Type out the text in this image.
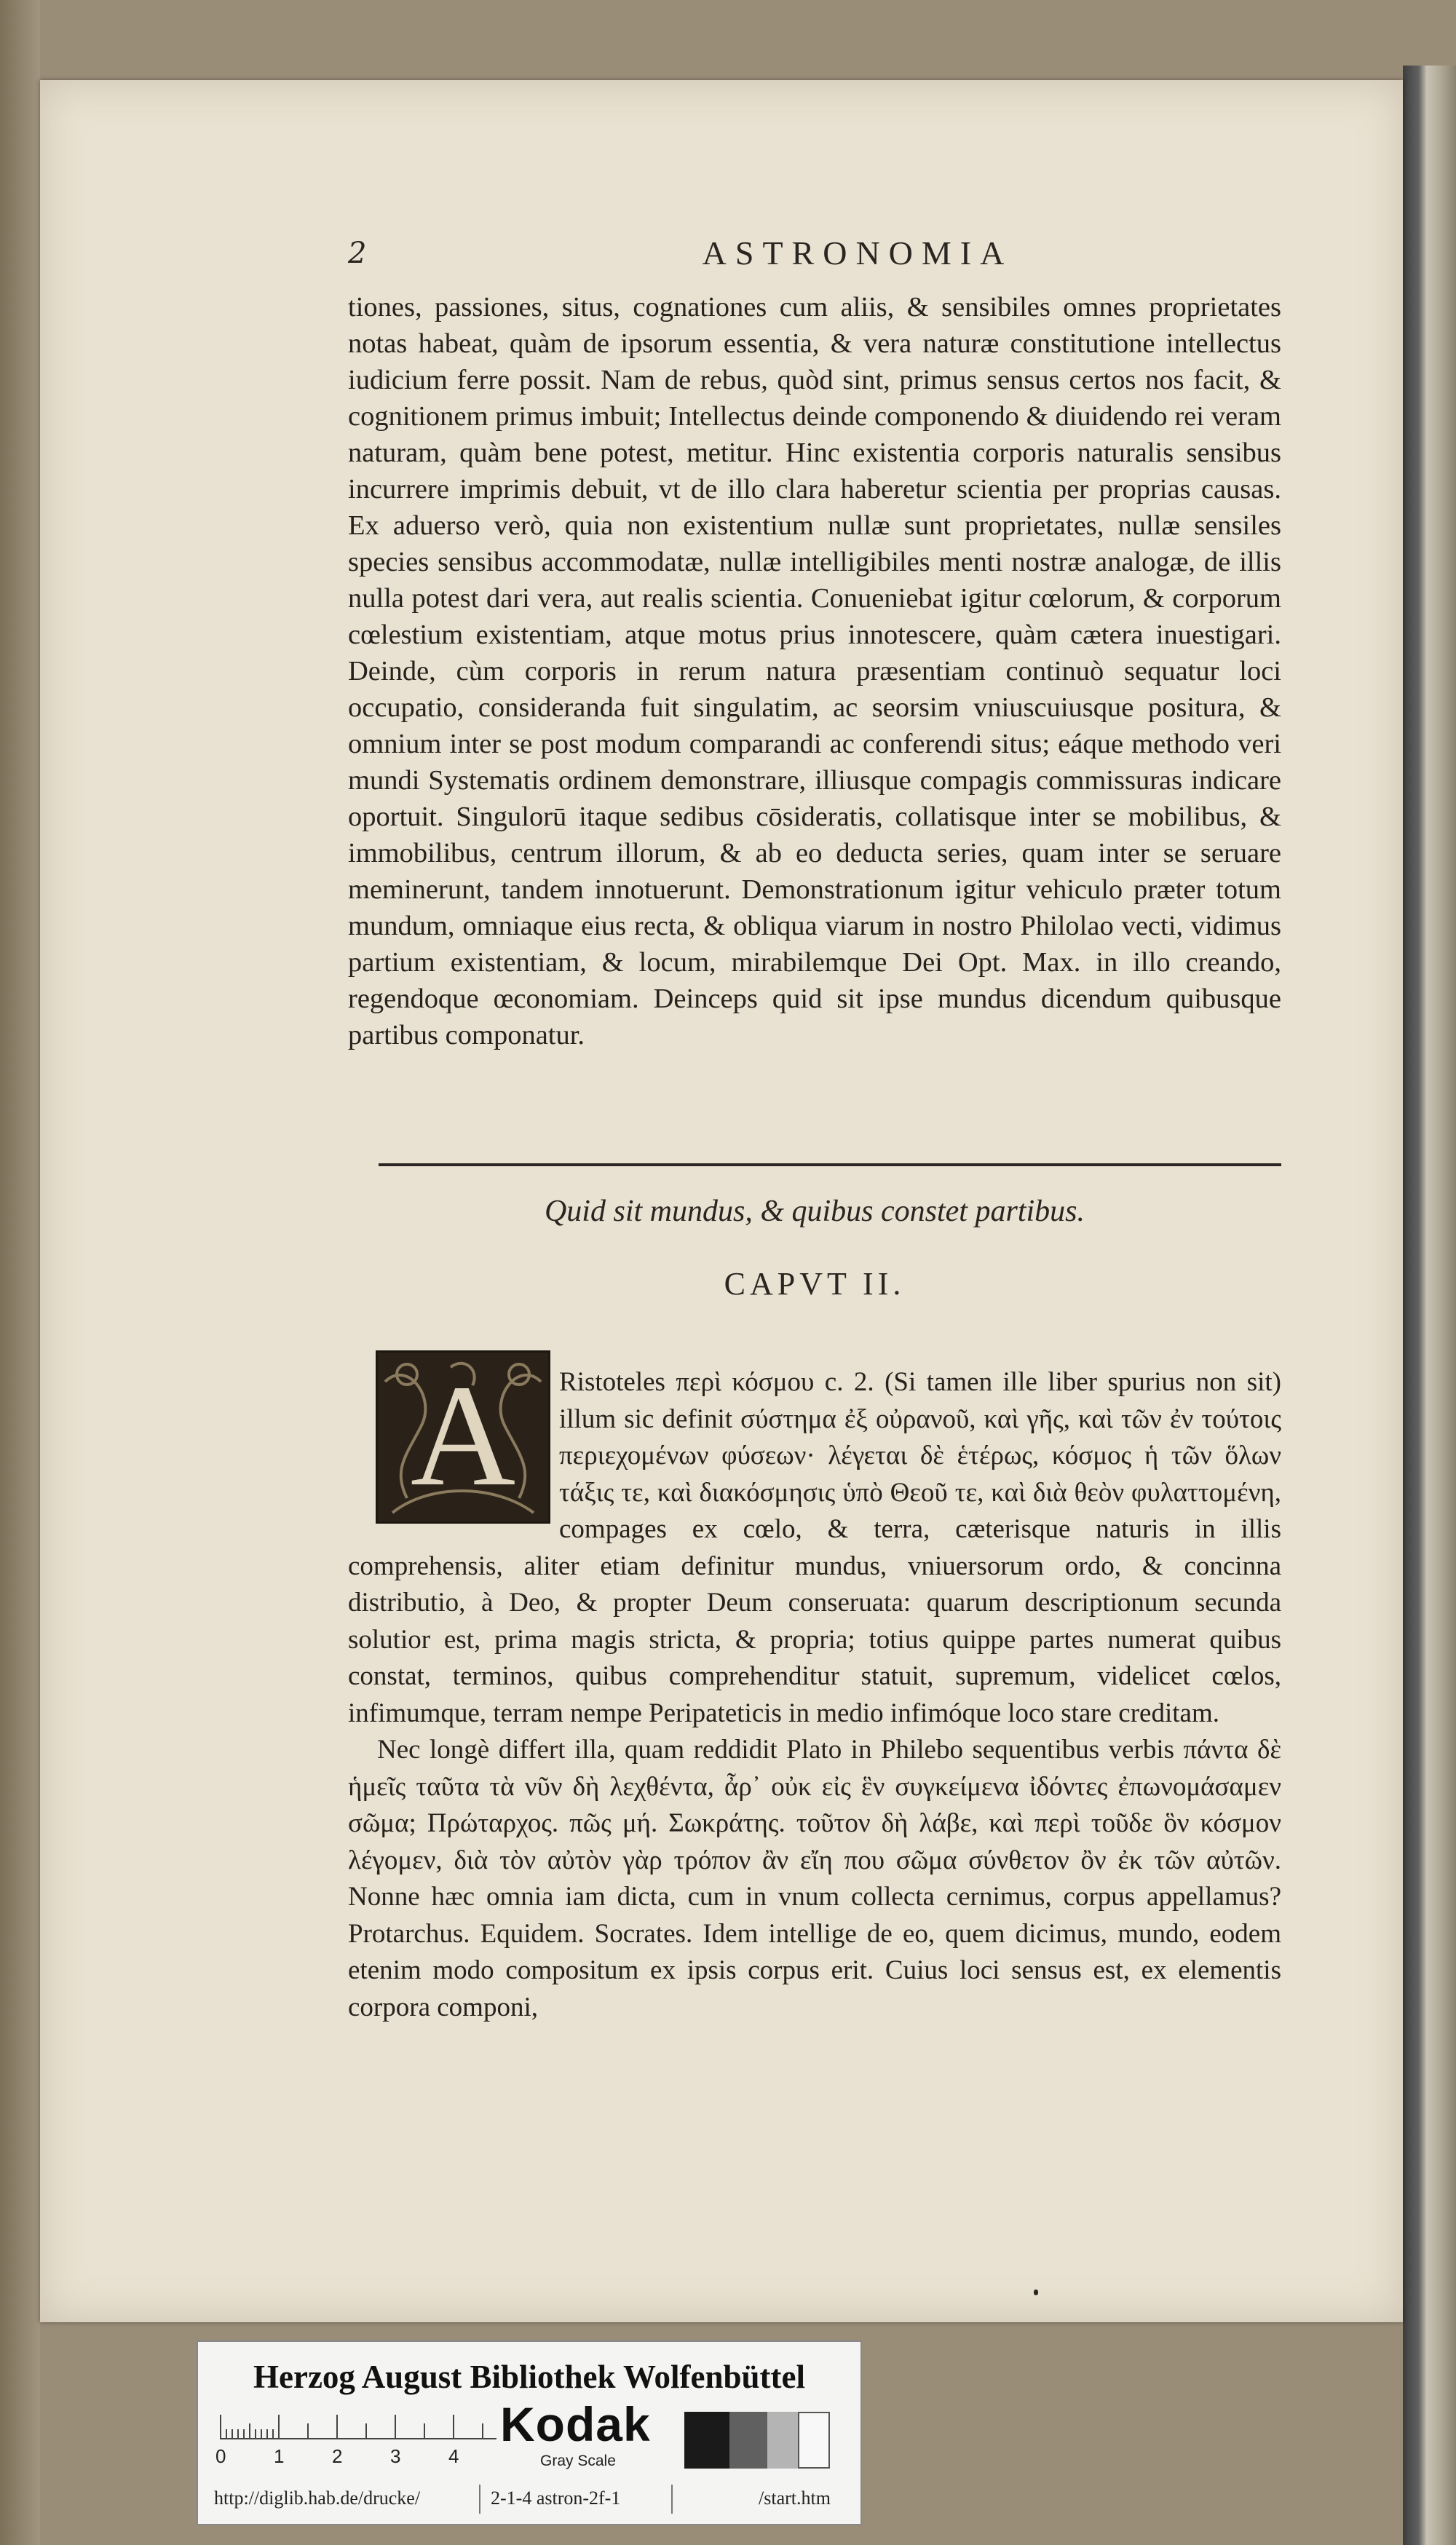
2	ASTRONOMIA

tiones, passiones, situs, cognationes cum aliis, & sensibiles omnes proprietates notas habeat, quàm de ipsorum essentia, & vera naturæ constitutione intellectus iudicium ferre possit. Nam de rebus, quòd sint, primus sensus certos nos facit, & cognitionem primus imbuit; Intellectus deinde componendo & diuidendo rei veram naturam, quàm bene potest, metitur. Hinc existentia corporis naturalis sensibus incurrere imprimis debuit, vt de illo clara haberetur scientia per proprias causas. Ex aduerso verò, quia non existentium nullæ sunt proprietates, nullæ sensiles species sensibus accommodatæ, nullæ intelligibiles menti nostræ analogæ, de illis nulla potest dari vera, aut realis scientia. Conueniebat igitur cœlorum, & corporum cœlestium existentiam, atque motus prius innotescere, quàm cætera inuestigari. Deinde, cùm corporis in rerum natura præsentiam continuò sequatur loci occupatio, considerandа fuit singulatim, ac seorsim vniuscuiusque positura, & omnium inter se post modum comparandi ac conferendi situs; eáque methodo veri mundi Systematis ordinem demonstrare, illiusque compagis commissuras indicare oportuit. Singulorū itaque sedibus cōsideratis, collatisque inter se mobilibus, & immobilibus, centrum illorum, & ab eo deducta series, quam inter se seruare meminerunt, tandem innotuerunt. Demonstrationum igitur vehiculo præter totum mundum, omniaque eius recta, & obliqua viarum in nostro Philolao vecti, vidimus partium existentiam, & locum, mirabilemque Dei Opt. Max. in illo creando, regendoque œconomiam. Deinceps quid sit ipse mundus dicendum quibusque partibus componatur.

Quid sit mundus, & quibus constet partibus.
CAPVT II.

Ristoteles περὶ κόσμου c. 2. (Si tamen ille liber spurius non sit) illum sic definit σύστημα ἐξ οὐρανοῦ, καὶ γῆς, καὶ τῶν ἐν τούτοις περιεχομένων φύσεων· λέγεται δὲ ἑτέρως, κόσμος ἡ τῶν ὅλων τάξις τε, καὶ διακόσμησις ὑπὸ Θεοῦ τε, καὶ διὰ θεὸν φυλαττομένη, compages ex cœlo, & terra, cæterisque naturis in illis comprehensis, aliter etiam definitur mundus, vniuersorum ordo, & concinna distributio, à Deo, & propter Deum conseruata: quarum descriptionum secunda solutior est, prima magis stricta, & propria; totius quippe partes numerat quibus constat, terminos, quibus comprehenditur statuit, supremum, videlicet cœlos, infimumque, terram nempe Peripateticis in medio infimóque loco stare creditam.

Nec longè differt illa, quam reddidit Plato in Philebo sequentibus verbis πάντα δὲ ἡμεῖς ταῦτα τὰ νῦν δὴ λεχθέντα, ἆρ᾽ οὐκ εἰς ἓν συγκείμενα ἰδόντες ἐπωνομάσαμεν σῶμα; Πρώταρχος. πῶς μή. Σωκράτης. τοῦτον δὴ λάβε, καὶ περὶ τοῦδε ὃν κόσμον λέγομεν, διὰ τὸν αὐτὸν γὰρ τρόπον ἂν εἴη που σῶμα σύνθετον ὂν ἐκ τῶν αὐτῶν. Nonne hæc omnia iam dicta, cum in vnum collecta cernimus, corpus appellamus? Protarchus. Equidem. Socrates. Idem intellige de eo, quem dicimus, mundo, eodem etenim modo compositum ex ipsis corpus erit. Cuius loci sensus est, ex elementis corpora componi,

A
Herzog August Bibliothek Wolfenbüttel
0	1	2	3	4
Kodak
Gray Scale
http://diglib.hab.de/drucke/	2-1-4 astron-2f-1	/start.htm
